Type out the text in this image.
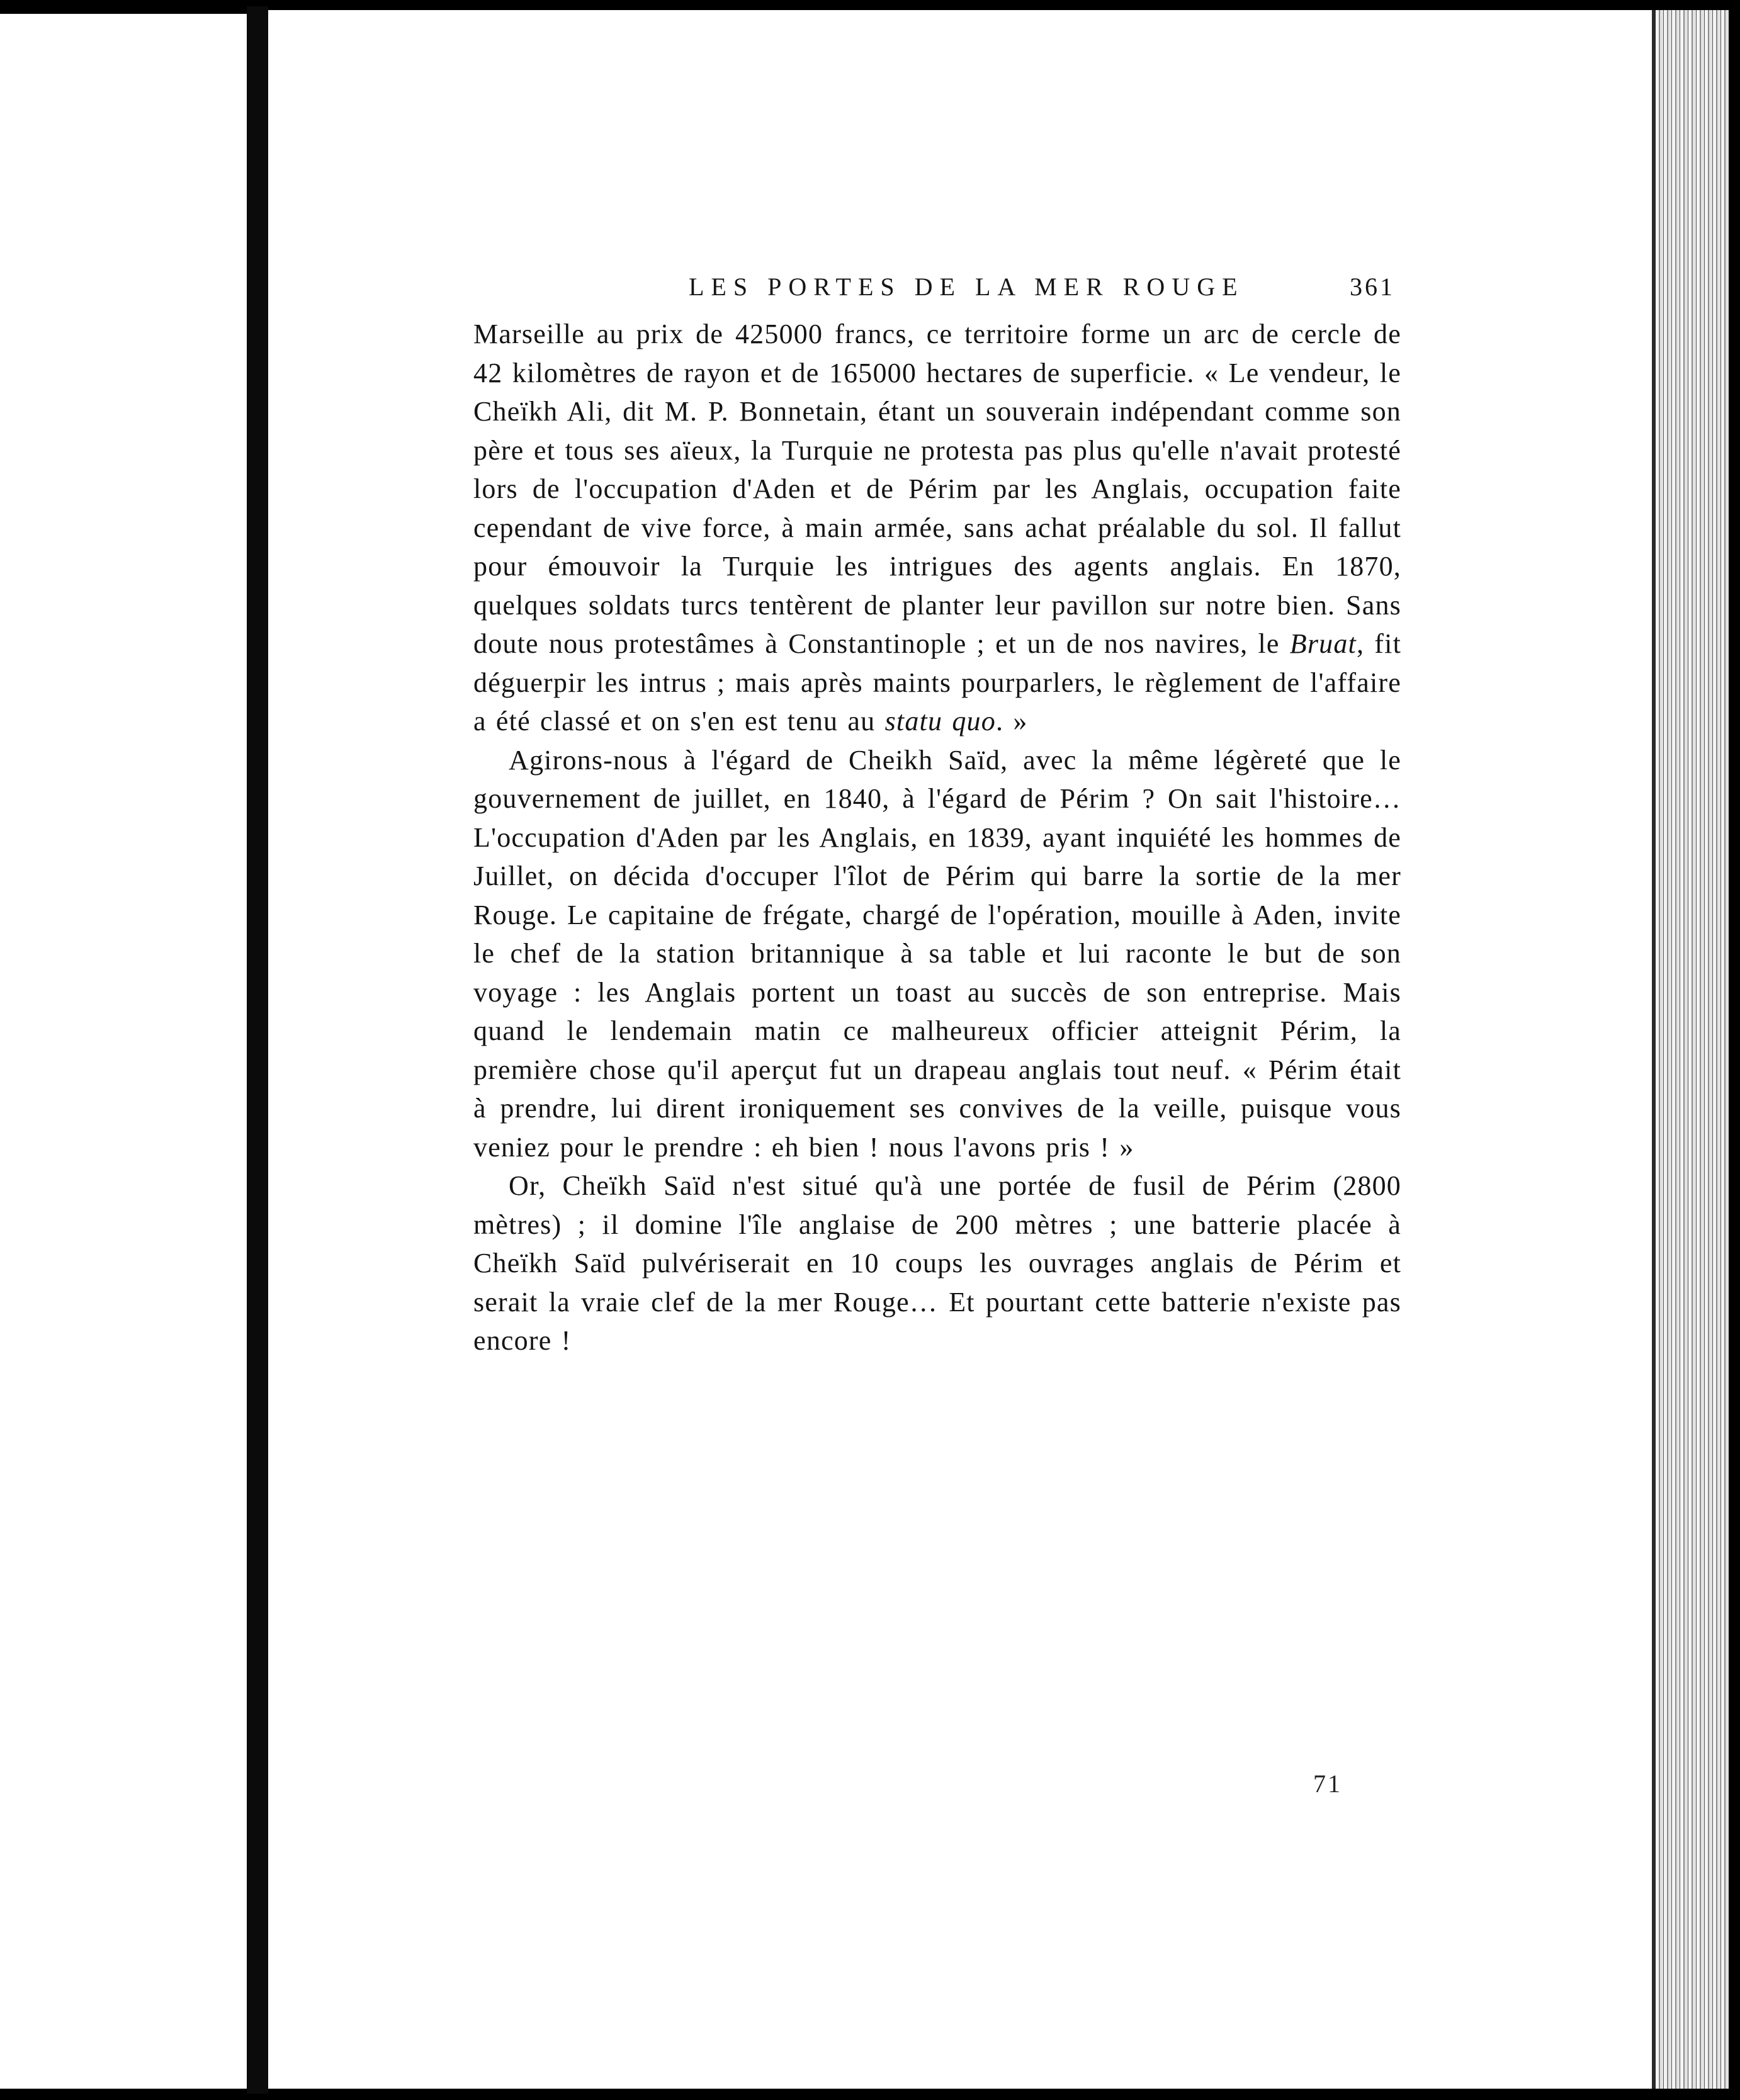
LES PORTES DE LA MER ROUGE	361

Marseille au prix de 425000 francs, ce territoire forme un arc de cercle de 42 kilomètres de rayon et de 165000 hectares de superficie. « Le vendeur, le Cheïkh Ali, dit M. P. Bonnetain, étant un souverain indépendant comme son père et tous ses aïeux, la Turquie ne protesta pas plus qu'elle n'avait protesté lors de l'occupation d'Aden et de Périm par les Anglais, occupation faite cependant de vive force, à main armée, sans achat préalable du sol. Il fallut pour émouvoir la Turquie les intrigues des agents anglais. En 1870, quelques soldats turcs tentèrent de planter leur pavillon sur notre bien. Sans doute nous protestâmes à Constantinople ; et un de nos navires, le Bruat, fit déguerpir les intrus ; mais après maints pourparlers, le règlement de l'affaire a été classé et on s'en est tenu au statu quo. »

Agirons-nous à l'égard de Cheikh Saïd, avec la même légèreté que le gouvernement de juillet, en 1840, à l'égard de Périm ? On sait l'histoire… L'occupation d'Aden par les Anglais, en 1839, ayant inquiété les hommes de Juillet, on décida d'occuper l'îlot de Périm qui barre la sortie de la mer Rouge. Le capitaine de frégate, chargé de l'opération, mouille à Aden, invite le chef de la station britannique à sa table et lui raconte le but de son voyage : les Anglais portent un toast au succès de son entreprise. Mais quand le lendemain matin ce malheureux officier atteignit Périm, la première chose qu'il aperçut fut un drapeau anglais tout neuf. « Périm était à prendre, lui dirent ironiquement ses convives de la veille, puisque vous veniez pour le prendre : eh bien ! nous l'avons pris ! »

Or, Cheïkh Saïd n'est situé qu'à une portée de fusil de Périm (2800 mètres) ; il domine l'île anglaise de 200 mètres ; une batterie placée à Cheïkh Saïd pulvériserait en 10 coups les ouvrages anglais de Périm et serait la vraie clef de la mer Rouge… Et pourtant cette batterie n'existe pas encore !

71
